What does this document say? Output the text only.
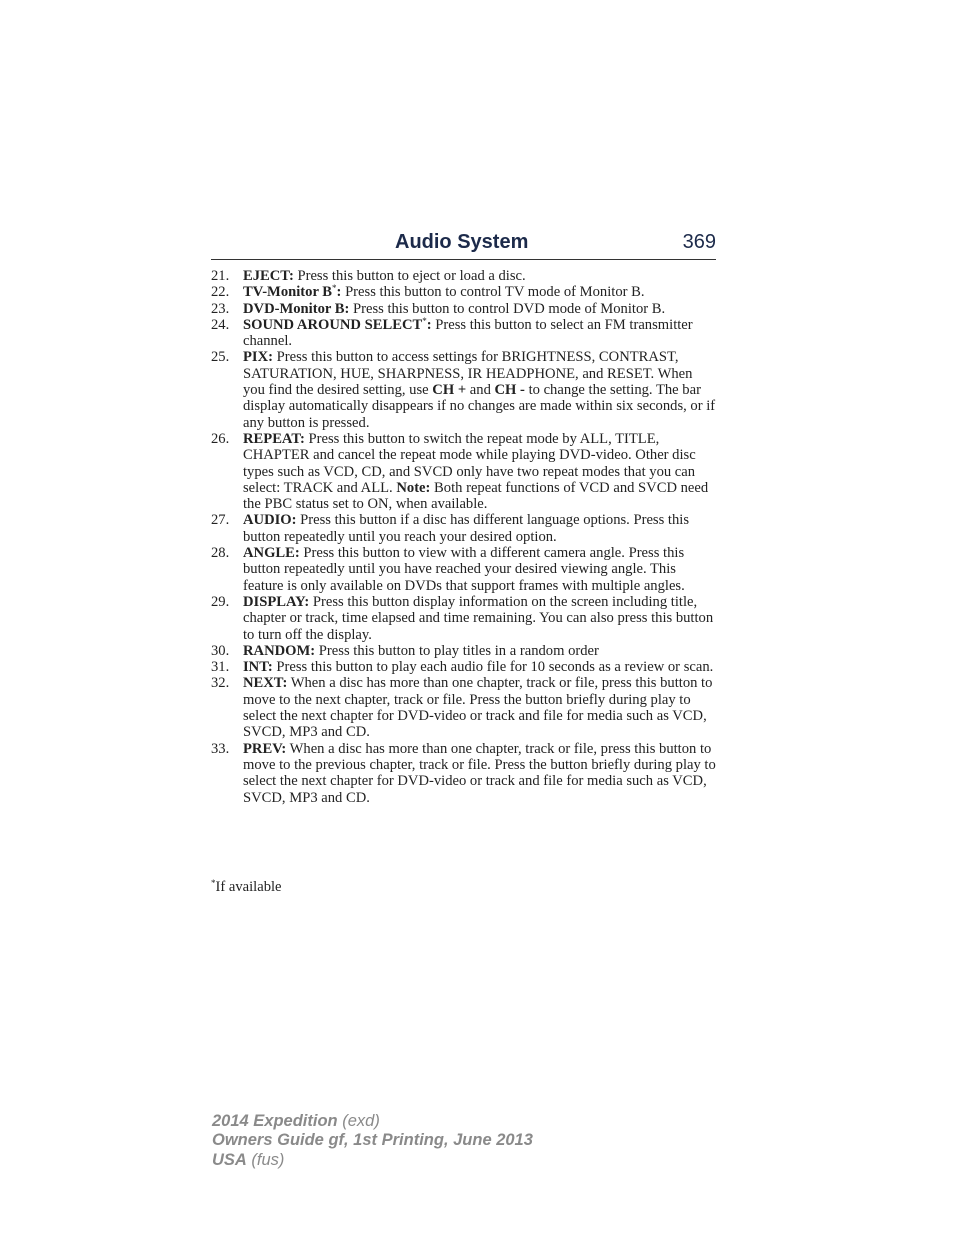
Audio System	369
21. EJECT: Press this button to eject or load a disc.
22. TV-Monitor B*: Press this button to control TV mode of Monitor B.
23. DVD-Monitor B: Press this button to control DVD mode of Monitor B.
24. SOUND AROUND SELECT*: Press this button to select an FM transmitter channel.
25. PIX: Press this button to access settings for BRIGHTNESS, CONTRAST, SATURATION, HUE, SHARPNESS, IR HEADPHONE, and RESET. When you find the desired setting, use CH + and CH - to change the setting. The bar display automatically disappears if no changes are made within six seconds, or if any button is pressed.
26. REPEAT: Press this button to switch the repeat mode by ALL, TITLE, CHAPTER and cancel the repeat mode while playing DVD-video. Other disc types such as VCD, CD, and SVCD only have two repeat modes that you can select: TRACK and ALL. Note: Both repeat functions of VCD and SVCD need the PBC status set to ON, when available.
27. AUDIO: Press this button if a disc has different language options. Press this button repeatedly until you reach your desired option.
28. ANGLE: Press this button to view with a different camera angle. Press this button repeatedly until you have reached your desired viewing angle. This feature is only available on DVDs that support frames with multiple angles.
29. DISPLAY: Press this button display information on the screen including title, chapter or track, time elapsed and time remaining. You can also press this button to turn off the display.
30. RANDOM: Press this button to play titles in a random order
31. INT: Press this button to play each audio file for 10 seconds as a review or scan.
32. NEXT: When a disc has more than one chapter, track or file, press this button to move to the next chapter, track or file. Press the button briefly during play to select the next chapter for DVD-video or track and file for media such as VCD, SVCD, MP3 and CD.
33. PREV: When a disc has more than one chapter, track or file, press this button to move to the previous chapter, track or file. Press the button briefly during play to select the next chapter for DVD-video or track and file for media such as VCD, SVCD, MP3 and CD.
*If available
2014 Expedition (exd)
Owners Guide gf, 1st Printing, June 2013
USA (fus)
